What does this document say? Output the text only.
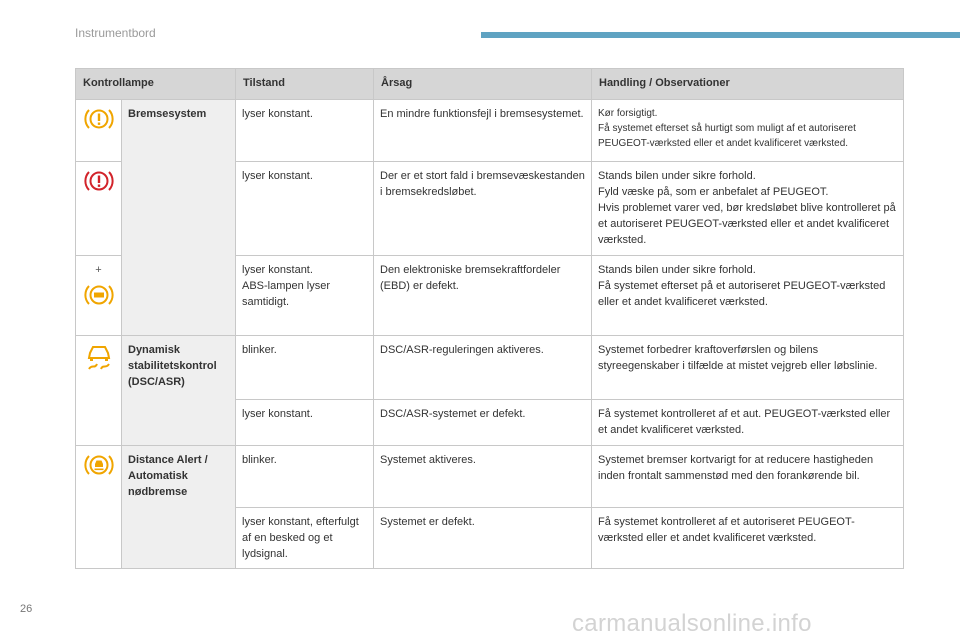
Instrumentbord
Kontrollampe		Tilstand	Årsag	Handling / Observationer

	Bremsesystem	lyser konstant.	En mindre funktionsfejl i bremsesystemet.	Kør forsigtigt.
Få systemet efterset så hurtigt som muligt af et autoriseret PEUGEOT-værksted eller et andet kvalificeret værksted.

	lyser konstant.	Der er et stort fald i bremsevæskestanden i bremsekredsløbet.	Stands bilen under sikre forhold.
Fyld væske på, som er anbefalet af PEUGEOT.
Hvis problemet varer ved, bør kredsløbet blive kontrolleret på et autoriseret PEUGEOT-værksted eller et andet kvalificeret værksted.

+		lyser konstant.
ABS-lampen lyser samtidigt.	Den elektroniske bremsekraftfordeler (EBD) er defekt.	Stands bilen under sikre forhold.
Få systemet efterset på et autoriseret PEUGEOT-værksted eller et andet kvalificeret værksted.

	Dynamisk stabilitetskontrol (DSC/ASR)	blinker.	DSC/ASR-reguleringen aktiveres.	Systemet forbedrer kraftoverførslen og bilens styreegenskaber i tilfælde at mistet vejgreb eller løbslinie.

		lyser konstant.	DSC/ASR-systemet er defekt.	Få systemet kontrolleret af et aut. PEUGEOT-værksted eller et andet kvalificeret værksted.

	Distance Alert / Automatisk nødbremse	blinker.	Systemet aktiveres.	Systemet bremser kortvarigt for at reducere hastigheden inden frontalt sammenstød med den forankørende bil.

		lyser konstant, efterfulgt af en besked og et lydsignal.	Systemet er defekt.	Få systemet kontrolleret af et autoriseret PEUGEOT-værksted eller et andet kvalificeret værksted.
26
carmanualsonline.info
